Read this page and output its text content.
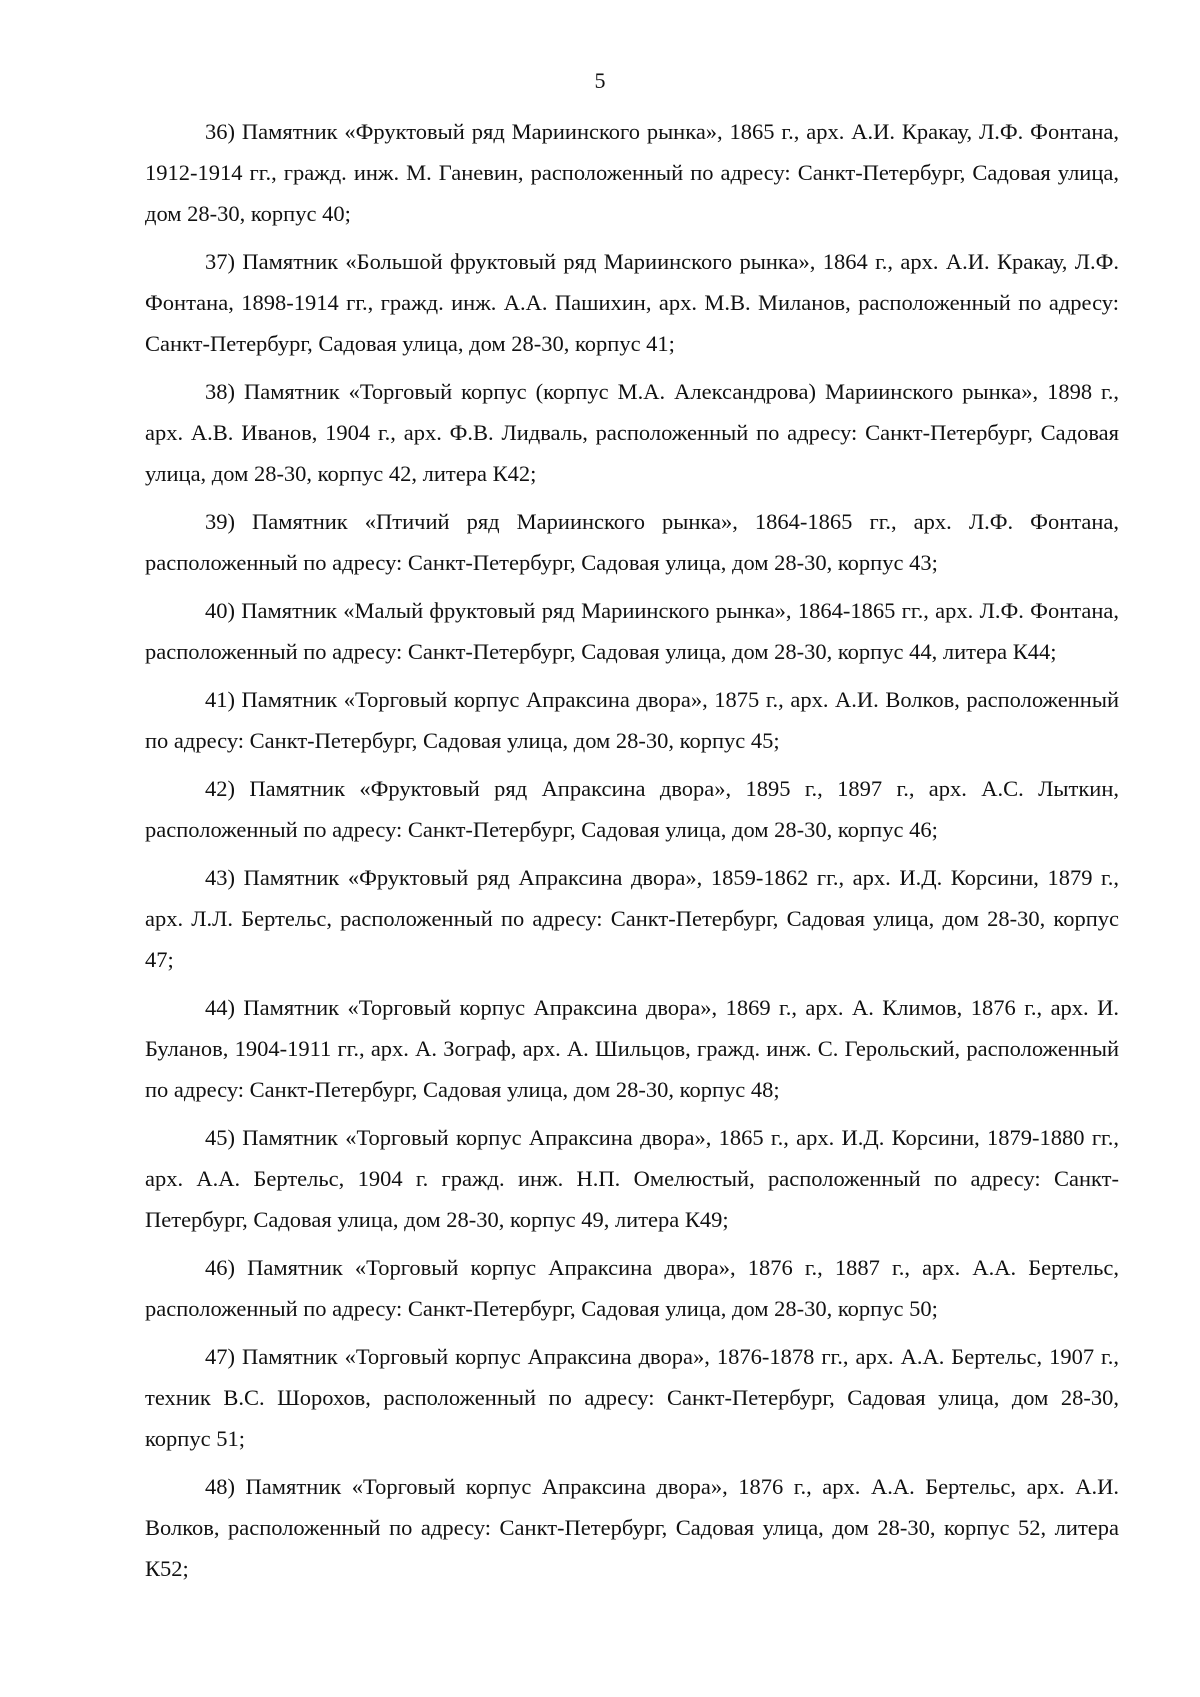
5

36) Памятник «Фруктовый ряд Мариинского рынка», 1865 г., арх. А.И. Кракау, Л.Ф. Фонтана, 1912-1914 гг., гражд. инж. М. Ганевин, расположенный по адресу: Санкт-Петербург, Садовая улица, дом 28-30, корпус 40;

37) Памятник «Большой фруктовый ряд Мариинского рынка», 1864 г., арх. А.И. Кракау, Л.Ф. Фонтана, 1898-1914 гг., гражд. инж. А.А. Пашихин, арх. М.В. Миланов, расположенный по адресу: Санкт-Петербург, Садовая улица, дом 28-30, корпус 41;

38) Памятник «Торговый корпус (корпус М.А. Александрова) Мариинского рынка», 1898 г., арх. А.В. Иванов, 1904 г., арх. Ф.В. Лидваль, расположенный по адресу: Санкт-Петербург, Садовая улица, дом 28-30, корпус 42, литера К42;

39) Памятник «Птичий ряд Мариинского рынка», 1864-1865 гг., арх. Л.Ф. Фонтана, расположенный по адресу: Санкт-Петербург, Садовая улица, дом 28-30, корпус 43;

40) Памятник «Малый фруктовый ряд Мариинского рынка», 1864-1865 гг., арх. Л.Ф. Фонтана, расположенный по адресу: Санкт-Петербург, Садовая улица, дом 28-30, корпус 44, литера К44;

41) Памятник «Торговый корпус Апраксина двора», 1875 г., арх. А.И. Волков, расположенный по адресу: Санкт-Петербург, Садовая улица, дом 28-30, корпус 45;

42) Памятник «Фруктовый ряд Апраксина двора», 1895 г., 1897 г., арх. А.С. Лыткин, расположенный по адресу: Санкт-Петербург, Садовая улица, дом 28-30, корпус 46;

43) Памятник «Фруктовый ряд Апраксина двора», 1859-1862 гг., арх. И.Д. Корсини, 1879 г., арх. Л.Л. Бертельс, расположенный по адресу: Санкт-Петербург, Садовая улица, дом 28-30, корпус 47;

44) Памятник «Торговый корпус Апраксина двора», 1869 г., арх. А. Климов, 1876 г., арх. И. Буланов, 1904-1911 гг., арх. А. Зограф, арх. А. Шильцов, гражд. инж. С. Герольский, расположенный по адресу: Санкт-Петербург, Садовая улица, дом 28-30, корпус 48;

45) Памятник «Торговый корпус Апраксина двора», 1865 г., арх. И.Д. Корсини, 1879-1880 гг., арх. А.А. Бертельс, 1904 г. гражд. инж. Н.П. Омелюстый, расположенный по адресу: Санкт-Петербург, Садовая улица, дом 28-30, корпус 49, литера К49;

46) Памятник «Торговый корпус Апраксина двора», 1876 г., 1887 г., арх. А.А. Бертельс, расположенный по адресу: Санкт-Петербург, Садовая улица, дом 28-30, корпус 50;

47) Памятник «Торговый корпус Апраксина двора», 1876-1878 гг., арх. А.А. Бертельс, 1907 г., техник В.С. Шорохов, расположенный по адресу: Санкт-Петербург, Садовая улица, дом 28-30, корпус 51;

48) Памятник «Торговый корпус Апраксина двора», 1876 г., арх. А.А. Бертельс, арх. А.И. Волков, расположенный по адресу: Санкт-Петербург, Садовая улица, дом 28-30, корпус 52, литера К52;
